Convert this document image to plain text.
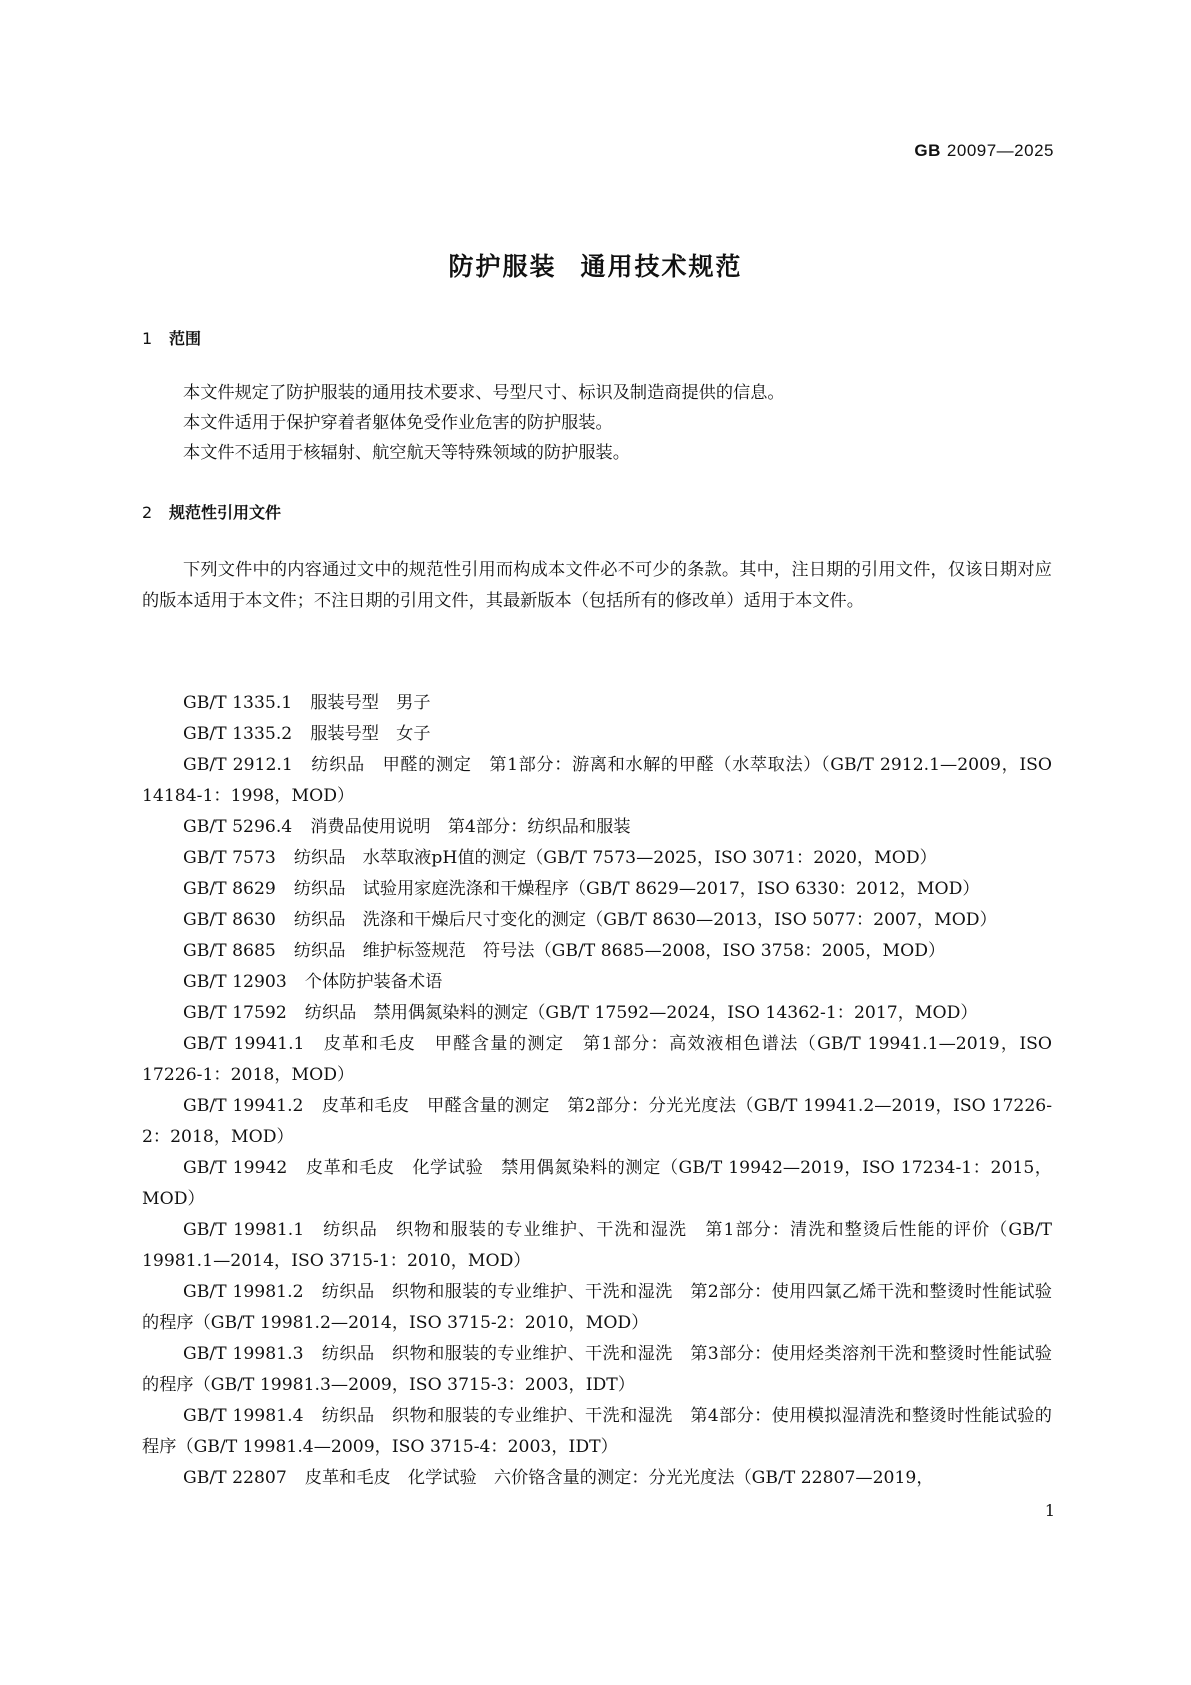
GB 20097—2025
防护服装 通用技术规范
1 范围

本文件规定了防护服装的通用技术要求、号型尺寸、标识及制造商提供的信息。

本文件适用于保护穿着者躯体免受作业危害的防护服装。

本文件不适用于核辐射、航空航天等特殊领域的防护服装。

2 规范性引用文件

下列文件中的内容通过文中的规范性引用而构成本文件必不可少的条款。其中，注日期的引用文件，仅该日期对应的版本适用于本文件；不注日期的引用文件，其最新版本（包括所有的修改单）适用于本文件。

GB/T 1335.1 服装号型　男子
GB/T 1335.2 服装号型　女子
GB/T 2912.1 纺织品　甲醛的测定　第1部分：游离和水解的甲醛（水萃取法）（GB/T 2912.1—2009，ISO 14184-1：1998，MOD）
GB/T 5296.4 消费品使用说明　第4部分：纺织品和服装
GB/T 7573 纺织品　水萃取液pH值的测定（GB/T 7573—2025，ISO 3071：2020，MOD）
GB/T 8629 纺织品　试验用家庭洗涤和干燥程序（GB/T 8629—2017，ISO 6330：2012，MOD）
GB/T 8630 纺织品　洗涤和干燥后尺寸变化的测定（GB/T 8630—2013，ISO 5077：2007，MOD）
GB/T 8685 纺织品　维护标签规范　符号法（GB/T 8685—2008，ISO 3758：2005，MOD）
GB/T 12903 个体防护装备术语
GB/T 17592 纺织品　禁用偶氮染料的测定（GB/T 17592—2024，ISO 14362-1：2017，MOD）
GB/T 19941.1 皮革和毛皮　甲醛含量的测定　第1部分：高效液相色谱法（GB/T 19941.1—2019，ISO 17226-1：2018，MOD）
GB/T 19941.2 皮革和毛皮　甲醛含量的测定　第2部分：分光光度法（GB/T 19941.2—2019，ISO 17226-2：2018，MOD）
GB/T 19942 皮革和毛皮　化学试验　禁用偶氮染料的测定（GB/T 19942—2019，ISO 17234-1：2015，MOD）
GB/T 19981.1 纺织品　织物和服装的专业维护、干洗和湿洗　第1部分：清洗和整烫后性能的评价（GB/T 19981.1—2014，ISO 3715-1：2010，MOD）
GB/T 19981.2 纺织品　织物和服装的专业维护、干洗和湿洗　第2部分：使用四氯乙烯干洗和整烫时性能试验的程序（GB/T 19981.2—2014，ISO 3715-2：2010，MOD）
GB/T 19981.3 纺织品　织物和服装的专业维护、干洗和湿洗　第3部分：使用烃类溶剂干洗和整烫时性能试验的程序（GB/T 19981.3—2009，ISO 3715-3：2003，IDT）
GB/T 19981.4 纺织品　织物和服装的专业维护、干洗和湿洗　第4部分：使用模拟湿清洗和整烫时性能试验的程序（GB/T 19981.4—2009，ISO 3715-4：2003，IDT）
GB/T 22807 皮革和毛皮　化学试验　六价铬含量的测定：分光光度法（GB/T 22807—2019，
1
